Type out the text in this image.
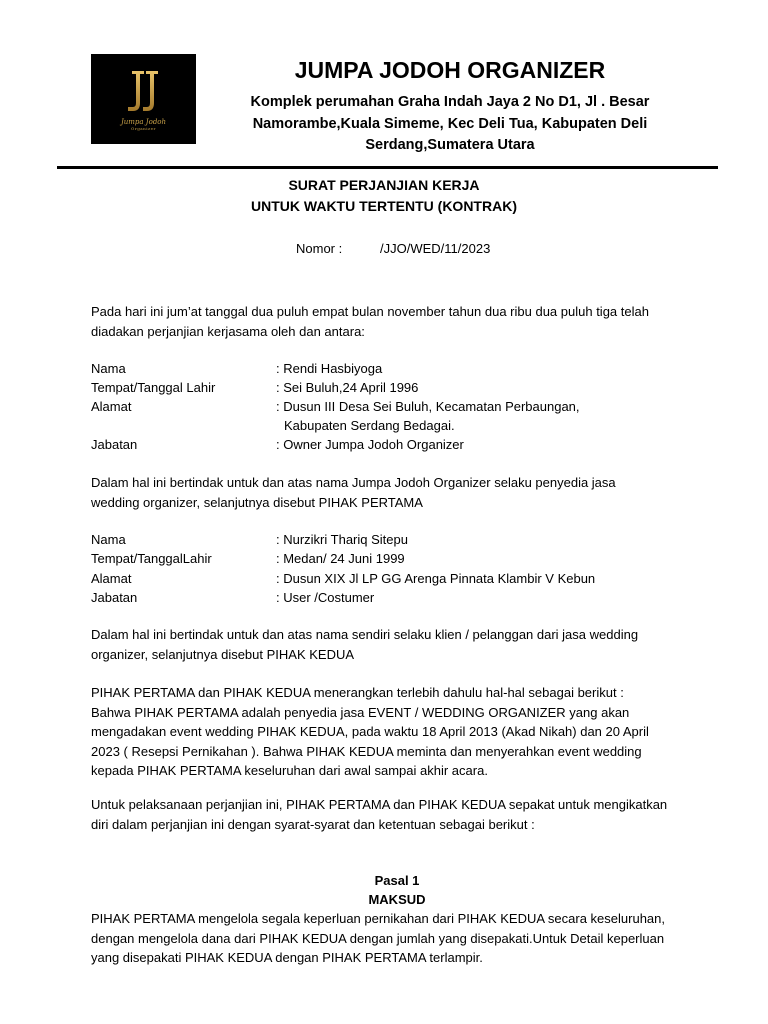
Jumpa Jodoh
Organizer
JUMPA JODOH ORGANIZER
Komplek perumahan Graha Indah Jaya 2 No D1, Jl . Besar
Namorambe,Kuala Simeme, Kec Deli Tua, Kabupaten Deli
Serdang,Sumatera Utara
SURAT PERJANJIAN KERJA
UNTUK WAKTU TERTENTU (KONTRAK)
Nomor :	/JJO/WED/11/2023
Pada hari ini jum’at tanggal dua puluh empat bulan november tahun dua ribu dua puluh tiga telah
diadakan perjanjian kerjasama oleh dan antara:
Nama	: Rendi Hasbiyoga
Tempat/Tanggal Lahir	: Sei Buluh,24 April 1996
Alamat	: Dusun III Desa Sei Buluh, Kecamatan Perbaungan,
Kabupaten Serdang Bedagai.
Jabatan	: Owner Jumpa Jodoh Organizer
Dalam hal ini bertindak untuk dan atas nama Jumpa Jodoh Organizer selaku penyedia jasa
wedding organizer, selanjutnya disebut PIHAK PERTAMA
Nama	: Nurzikri Thariq Sitepu
Tempat/TanggalLahir	: Medan/ 24 Juni 1999
Alamat	: Dusun XIX Jl LP GG Arenga Pinnata Klambir V Kebun
Jabatan	: User /Costumer
Dalam hal ini bertindak untuk dan atas nama sendiri selaku klien / pelanggan dari jasa wedding
organizer, selanjutnya disebut PIHAK KEDUA
PIHAK PERTAMA dan PIHAK KEDUA menerangkan terlebih dahulu hal-hal sebagai berikut :
Bahwa PIHAK PERTAMA adalah penyedia jasa EVENT / WEDDING ORGANIZER yang akan
mengadakan event wedding PIHAK KEDUA, pada waktu 18 April 2013 (Akad Nikah) dan 20 April
2023 ( Resepsi Pernikahan ). Bahwa PIHAK KEDUA meminta dan menyerahkan event wedding
kepada PIHAK PERTAMA keseluruhan dari awal sampai akhir acara.
Untuk pelaksanaan perjanjian ini, PIHAK PERTAMA dan PIHAK KEDUA sepakat untuk mengikatkan
diri dalam perjanjian ini dengan syarat-syarat dan ketentuan sebagai berikut :
Pasal 1
MAKSUD
PIHAK PERTAMA mengelola segala keperluan pernikahan dari PIHAK KEDUA secara keseluruhan,
dengan mengelola dana dari PIHAK KEDUA dengan jumlah yang disepakati.Untuk Detail keperluan
yang disepakati PIHAK KEDUA dengan PIHAK PERTAMA terlampir.
